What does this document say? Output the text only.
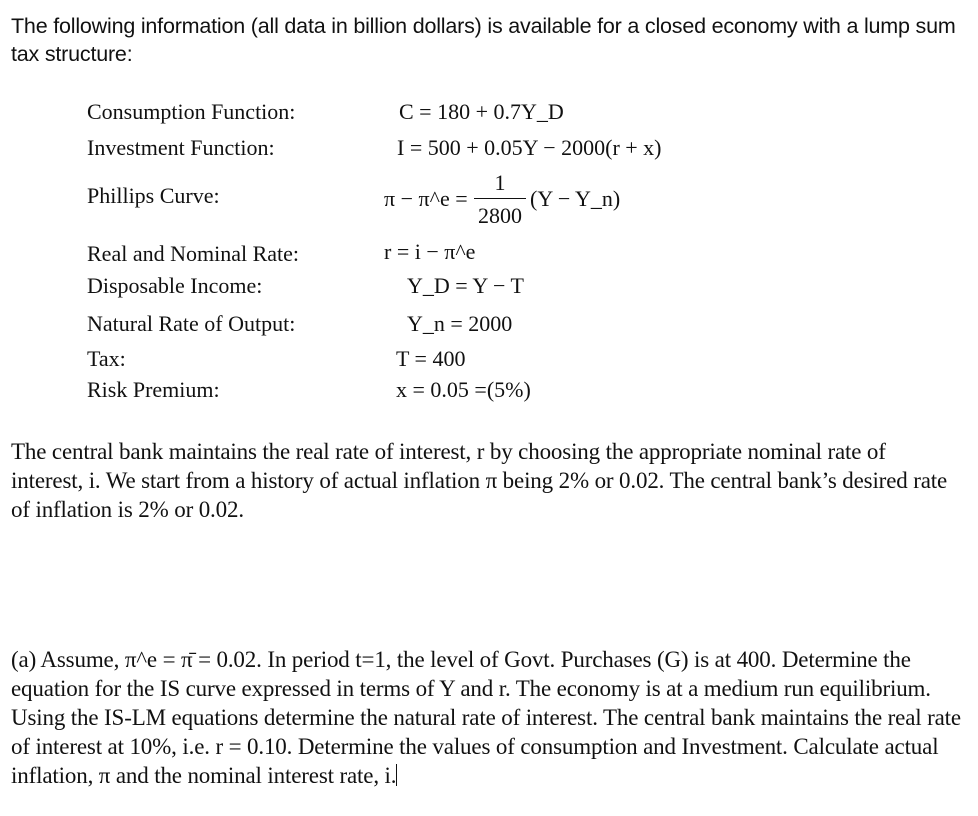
The following information (all data in billion dollars) is available for a closed economy with a lump sum tax structure:
Consumption Function:
Investment Function:
Phillips Curve:
Real and Nominal Rate:
Disposable Income:
Natural Rate of Output:
Tax:
Risk Premium:
C = 180 + 0.7Y_D
I = 500 + 0.05Y − 2000(r + x)
π − π^e =
1
2800
(Y − Y_n)
r = i − π^e
Y_D = Y − T
Y_n = 2000
T = 400
x = 0.05 =(5%)
The central bank maintains the real rate of interest, r by choosing the appropriate nominal rate of interest, i. We start from a history of actual inflation π being 2% or 0.02. The central bank’s desired rate of inflation is 2% or 0.02.
(a) Assume, π^e = π̄ = 0.02. In period t=1, the level of Govt. Purchases (G) is at 400. Determine the equation for the IS curve expressed in terms of Y and r. The economy is at a medium run equilibrium. Using the IS-LM equations determine the natural rate of interest. The central bank maintains the real rate of interest at 10%, i.e. r = 0.10. Determine the values of consumption and Investment. Calculate actual inflation, π and the nominal interest rate, i.
